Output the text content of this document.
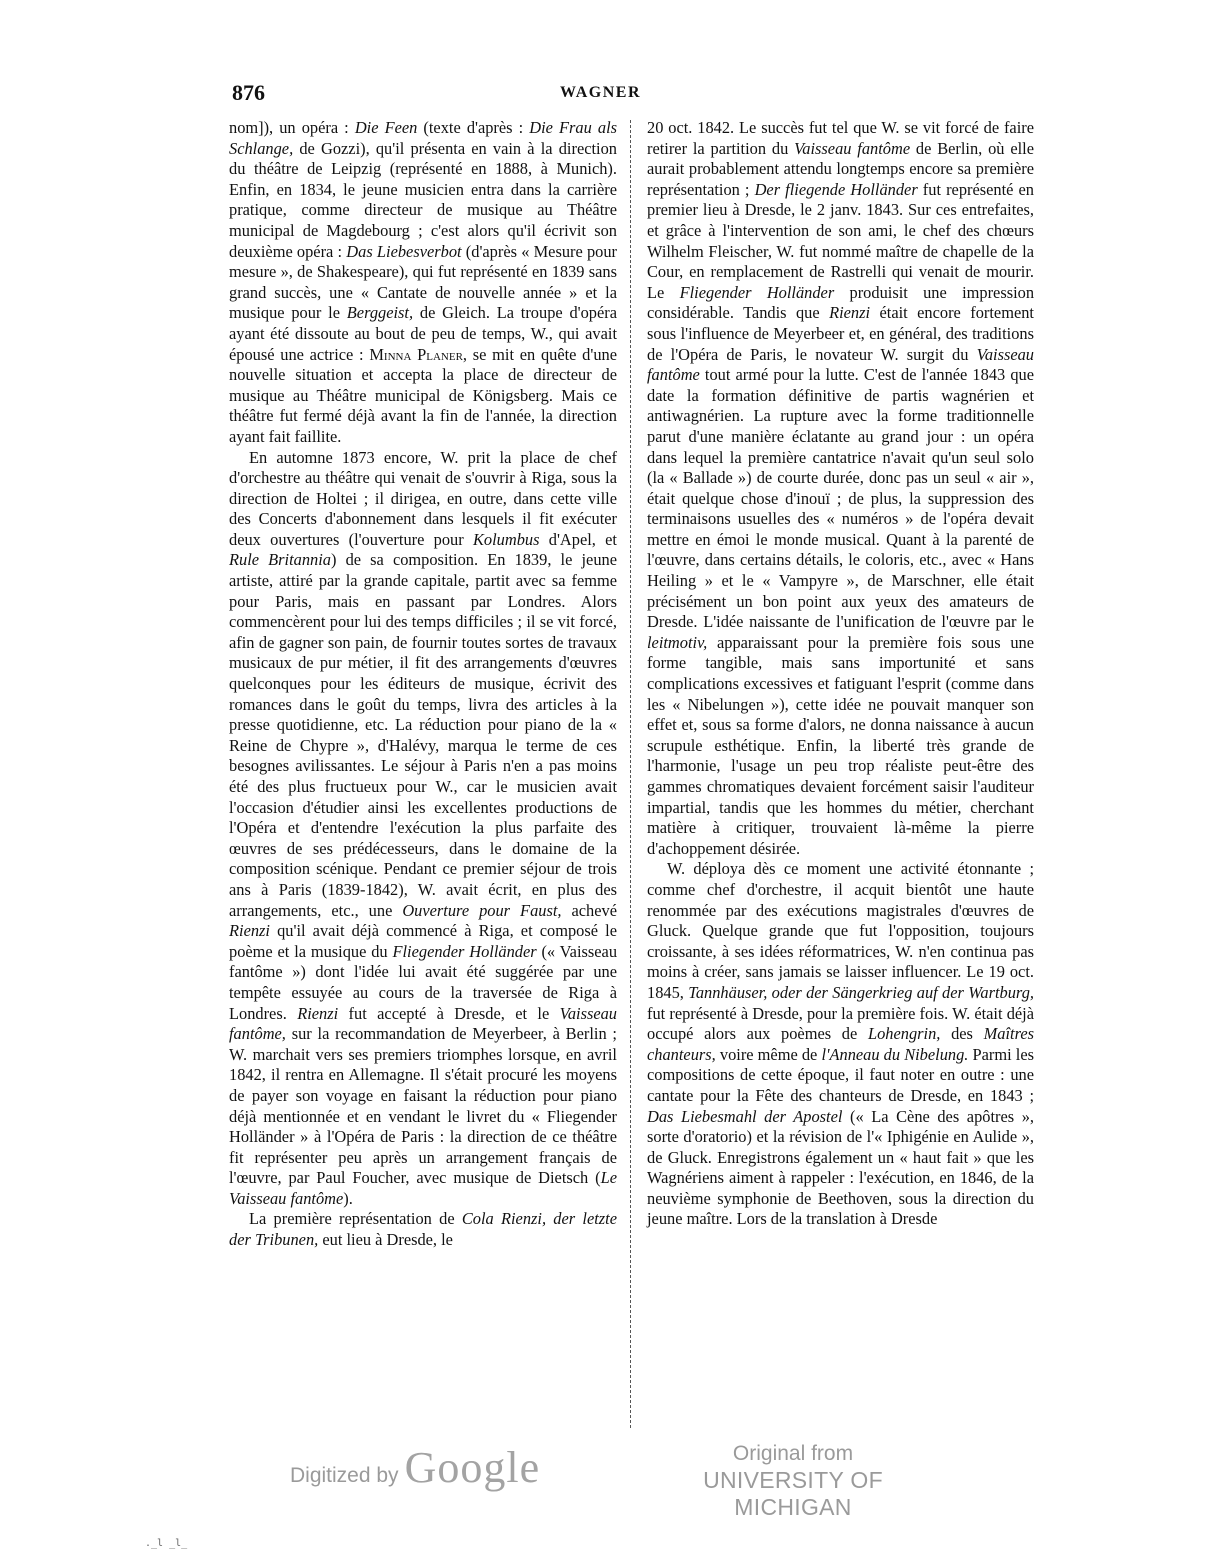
876	WAGNER

nom]), un opéra : Die Feen (texte d'après : Die Frau als Schlange, de Gozzi), qu'il présenta en vain à la direction du théâtre de Leipzig (représenté en 1888, à Munich). Enfin, en 1834, le jeune musicien entra dans la carrière pratique, comme directeur de musique au Théâtre municipal de Magdebourg ; c'est alors qu'il écrivit son deuxième opéra : Das Liebesverbot (d'après « Mesure pour mesure », de Shakespeare), qui fut représenté en 1839 sans grand succès, une « Cantate de nouvelle année » et la musique pour le Berggeist, de Gleich. La troupe d'opéra ayant été dissoute au bout de peu de temps, W., qui avait épousé une actrice : Minna Planer, se mit en quête d'une nouvelle situation et accepta la place de directeur de musique au Théâtre municipal de Königsberg. Mais ce théâtre fut fermé déjà avant la fin de l'année, la direction ayant fait faillite.

En automne 1873 encore, W. prit la place de chef d'orchestre au théâtre qui venait de s'ouvrir à Riga, sous la direction de Holtei ; il dirigea, en outre, dans cette ville des Concerts d'abonnement dans lesquels il fit exécuter deux ouvertures (l'ouverture pour Kolumbus d'Apel, et Rule Britannia) de sa composition. En 1839, le jeune artiste, attiré par la grande capitale, partit avec sa femme pour Paris, mais en passant par Londres. Alors commencèrent pour lui des temps difficiles ; il se vit forcé, afin de gagner son pain, de fournir toutes sortes de travaux musicaux de pur métier, il fit des arrangements d'œuvres quelconques pour les éditeurs de musique, écrivit des romances dans le goût du temps, livra des articles à la presse quotidienne, etc. La réduction pour piano de la « Reine de Chypre », d'Halévy, marqua le terme de ces besognes avilissantes. Le séjour à Paris n'en a pas moins été des plus fructueux pour W., car le musicien avait l'occasion d'étudier ainsi les excellentes productions de l'Opéra et d'entendre l'exécution la plus parfaite des œuvres de ses prédécesseurs, dans le domaine de la composition scénique. Pendant ce premier séjour de trois ans à Paris (1839-1842), W. avait écrit, en plus des arrangements, etc., une Ouverture pour Faust, achevé Rienzi qu'il avait déjà commencé à Riga, et composé le poème et la musique du Fliegender Holländer (« Vaisseau fantôme ») dont l'idée lui avait été suggérée par une tempête essuyée au cours de la traversée de Riga à Londres. Rienzi fut accepté à Dresde, et le Vaisseau fantôme, sur la recommandation de Meyerbeer, à Berlin ; W. marchait vers ses premiers triomphes lorsque, en avril 1842, il rentra en Allemagne. Il s'était procuré les moyens de payer son voyage en faisant la réduction pour piano déjà mentionnée et en vendant le livret du « Fliegender Holländer » à l'Opéra de Paris : la direction de ce théâtre fit représenter peu après un arrangement français de l'œuvre, par Paul Foucher, avec musique de Dietsch (Le Vaisseau fantôme).

La première représentation de Cola Rienzi, der letzte der Tribunen, eut lieu à Dresde, le

20 oct. 1842. Le succès fut tel que W. se vit forcé de faire retirer la partition du Vaisseau fantôme de Berlin, où elle aurait probablement attendu longtemps encore sa première représentation ; Der fliegende Holländer fut représenté en premier lieu à Dresde, le 2 janv. 1843. Sur ces entrefaites, et grâce à l'intervention de son ami, le chef des chœurs Wilhelm Fleischer, W. fut nommé maître de chapelle de la Cour, en remplacement de Rastrelli qui venait de mourir. Le Fliegender Holländer produisit une impression considérable. Tandis que Rienzi était encore fortement sous l'influence de Meyerbeer et, en général, des traditions de l'Opéra de Paris, le novateur W. surgit du Vaisseau fantôme tout armé pour la lutte. C'est de l'année 1843 que date la formation définitive de partis wagnérien et antiwagnérien. La rupture avec la forme traditionnelle parut d'une manière éclatante au grand jour : un opéra dans lequel la première cantatrice n'avait qu'un seul solo (la « Ballade ») de courte durée, donc pas un seul « air », était quelque chose d'inouï ; de plus, la suppression des terminaisons usuelles des « numéros » de l'opéra devait mettre en émoi le monde musical. Quant à la parenté de l'œuvre, dans certains détails, le coloris, etc., avec « Hans Heiling » et le « Vampyre », de Marschner, elle était précisément un bon point aux yeux des amateurs de Dresde. L'idée naissante de l'unification de l'œuvre par le leitmotiv, apparaissant pour la première fois sous une forme tangible, mais sans importunité et sans complications excessives et fatiguant l'esprit (comme dans les « Nibelungen »), cette idée ne pouvait manquer son effet et, sous sa forme d'alors, ne donna naissance à aucun scrupule esthétique. Enfin, la liberté très grande de l'harmonie, l'usage un peu trop réaliste peut-être des gammes chromatiques devaient forcément saisir l'auditeur impartial, tandis que les hommes du métier, cherchant matière à critiquer, trouvaient là-même la pierre d'achoppement désirée.

W. déploya dès ce moment une activité étonnante ; comme chef d'orchestre, il acquit bientôt une haute renommée par des exécutions magistrales d'œuvres de Gluck. Quelque grande que fut l'opposition, toujours croissante, à ses idées réformatrices, W. n'en continua pas moins à créer, sans jamais se laisser influencer. Le 19 oct. 1845, Tannhäuser, oder der Sängerkrieg auf der Wartburg, fut représenté à Dresde, pour la première fois. W. était déjà occupé alors aux poèmes de Lohengrin, des Maîtres chanteurs, voire même de l'Anneau du Nibelung. Parmi les compositions de cette époque, il faut noter en outre : une cantate pour la Fête des chanteurs de Dresde, en 1843 ; Das Liebesmahl der Apostel (« La Cène des apôtres », sorte d'oratorio) et la révision de l'« Iphigénie en Aulide », de Gluck. Enregistrons également un « haut fait » que les Wagnériens aiment à rappeler : l'exécution, en 1846, de la neuvième symphonie de Beethoven, sous la direction du jeune maître. Lors de la translation à Dresde

Digitized by Google	Original from
UNIVERSITY OF MICHIGAN
._l _l_
